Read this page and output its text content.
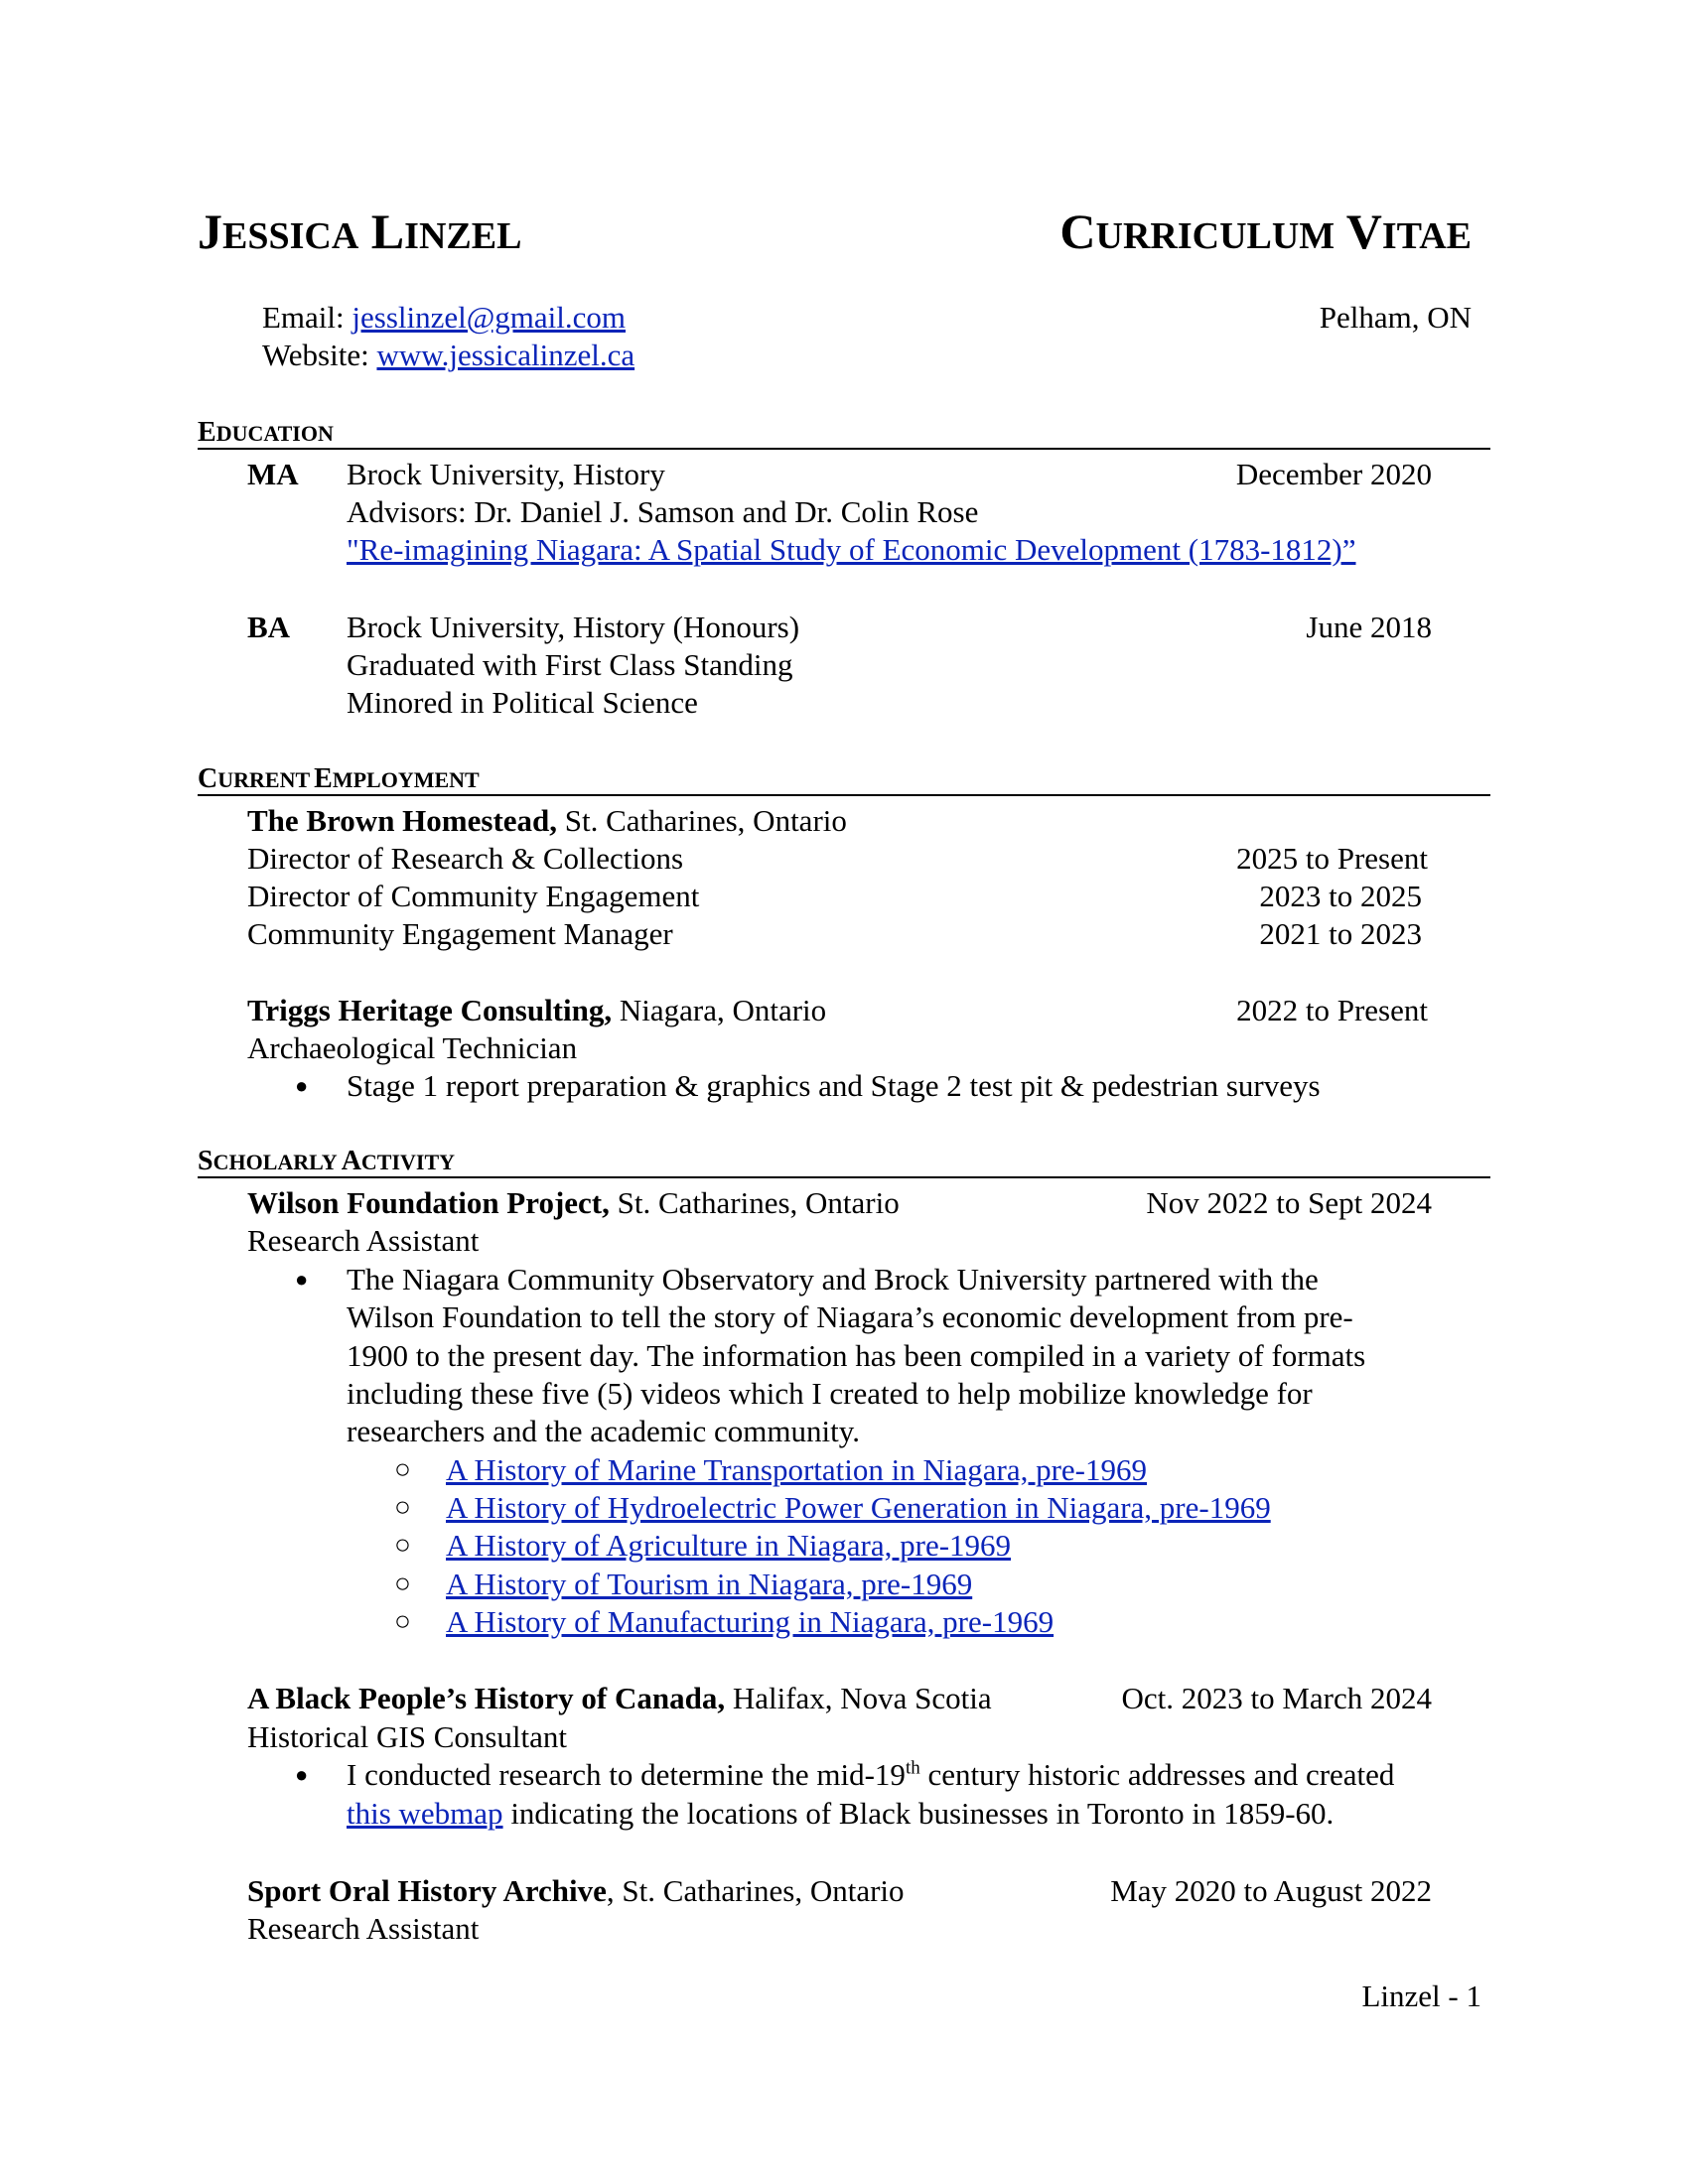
JESSICA LINZEL	CURRICULUM VITAE
Email: jesslinzel@gmail.com
Website: www.jessicalinzel.ca
Pelham, ON
EDUCATION
MA Brock University, History	December 2020
Advisors: Dr. Daniel J. Samson and Dr. Colin Rose
"Re-imagining Niagara: A Spatial Study of Economic Development (1783-1812)”
BA Brock University, History (Honours)	June 2018
Graduated with First Class Standing
Minored in Political Science
CURRENT EMPLOYMENT
The Brown Homestead, St. Catharines, Ontario
Director of Research & Collections	2025 to Present
Director of Community Engagement	2023 to 2025
Community Engagement Manager	2021 to 2023
Triggs Heritage Consulting, Niagara, Ontario	2022 to Present
Archaeological Technician
● Stage 1 report preparation & graphics and Stage 2 test pit & pedestrian surveys
SCHOLARLY ACTIVITY
Wilson Foundation Project, St. Catharines, Ontario	Nov 2022 to Sept 2024
Research Assistant
● The Niagara Community Observatory and Brock University partnered with the
Wilson Foundation to tell the story of Niagara’s economic development from pre-
1900 to the present day. The information has been compiled in a variety of formats
including these five (5) videos which I created to help mobilize knowledge for
researchers and the academic community.
○ A History of Marine Transportation in Niagara, pre-1969
○ A History of Hydroelectric Power Generation in Niagara, pre-1969
○ A History of Agriculture in Niagara, pre-1969
○ A History of Tourism in Niagara, pre-1969
○ A History of Manufacturing in Niagara, pre-1969
A Black People’s History of Canada, Halifax, Nova Scotia	Oct. 2023 to March 2024
Historical GIS Consultant
● I conducted research to determine the mid-19th century historic addresses and created
this webmap indicating the locations of Black businesses in Toronto in 1859-60.
Sport Oral History Archive, St. Catharines, Ontario	May 2020 to August 2022
Research Assistant
Linzel - 1
